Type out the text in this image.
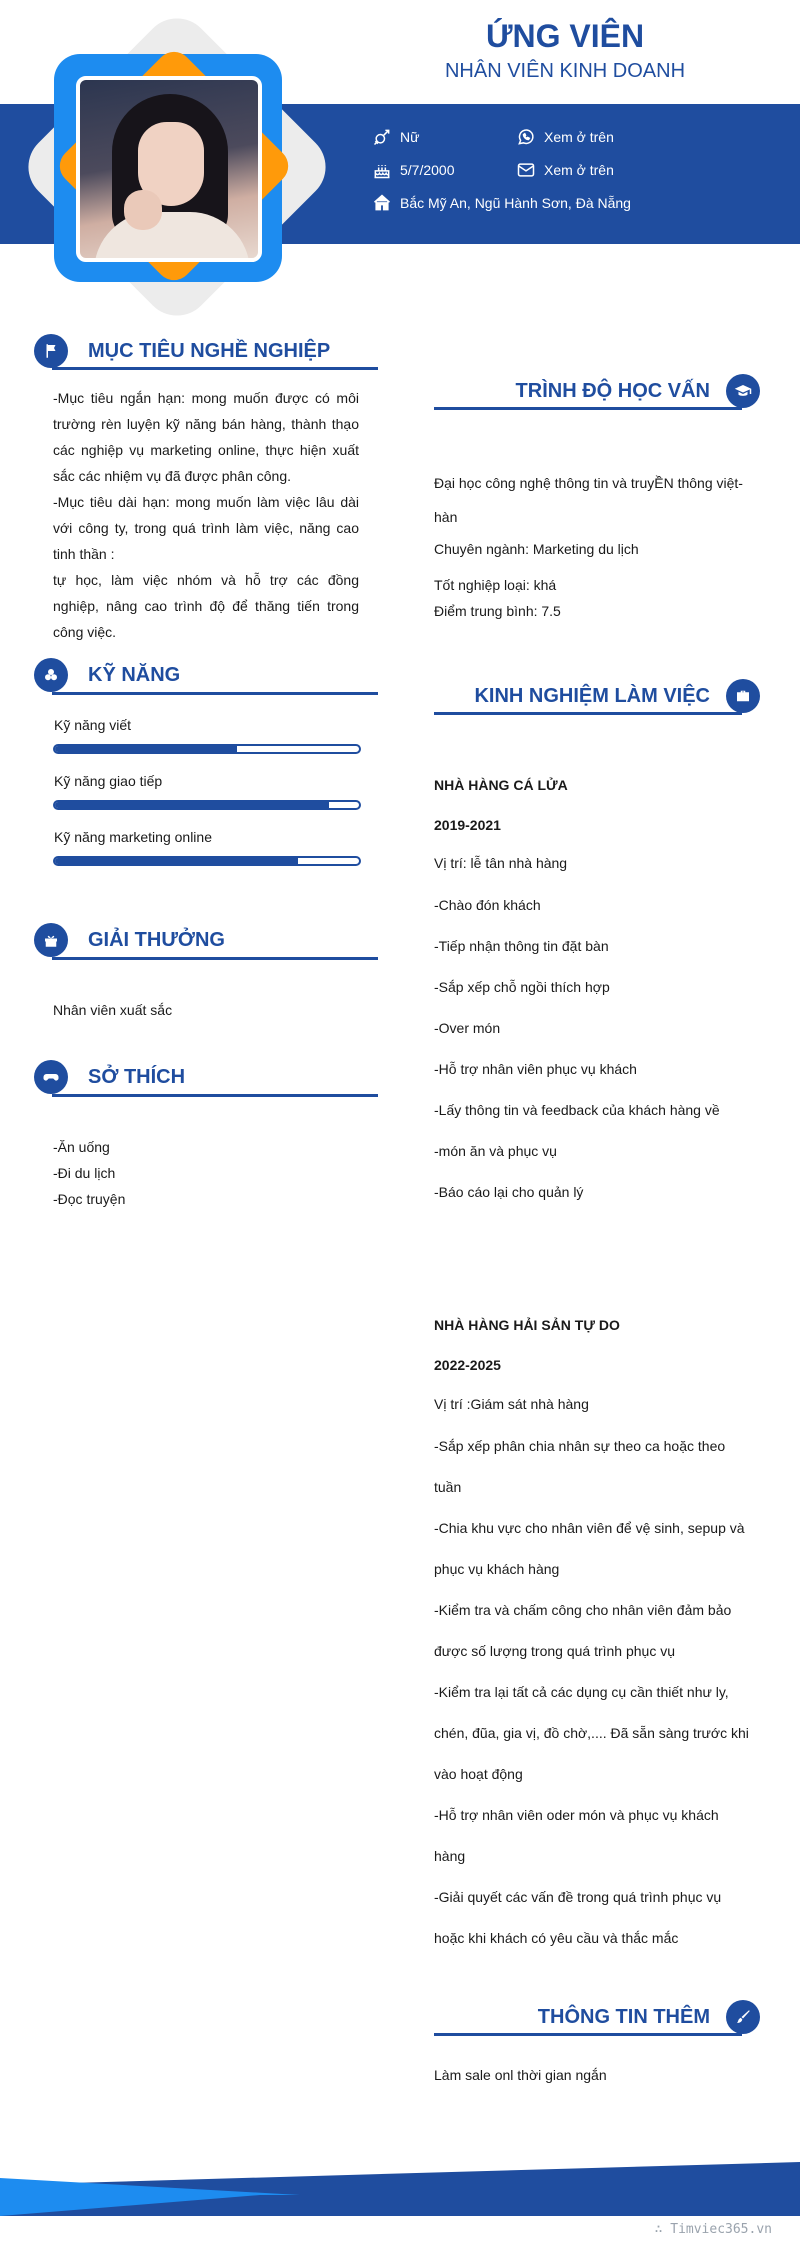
ỨNG VIÊN
NHÂN VIÊN KINH DOANH
Nữ
5/7/2000
Bắc Mỹ An, Ngũ Hành Sơn, Đà Nẵng
Xem ở trên
Xem ở trên
MỤC TIÊU NGHỀ NGHIỆP

-Mục tiêu ngắn hạn: mong muốn được có môi trường rèn luyện kỹ năng bán hàng, thành thạo các nghiệp vụ marketing online, thực hiện xuất sắc các nhiệm vụ đã được phân công.

-Mục tiêu dài hạn: mong muốn làm việc lâu dài với công ty, trong quá trình làm việc, năng cao tinh thần :

tự học, làm việc nhóm và hỗ trợ các đồng nghiệp, nâng cao trình độ để thăng tiến trong công việc.

KỸ NĂNG
Kỹ năng viết
Kỹ năng giao tiếp
Kỹ năng marketing online
GIẢI THƯỞNG
Nhân viên xuất sắc
SỞ THÍCH

-Ăn uống

-Đi du lịch

-Đọc truyện

TRÌNH ĐỘ HỌC VẤN
Đại học công nghệ thông tin và truyỀN thông việt-hàn
Chuyên ngành: Marketing du lịch
Tốt nghiệp loại: khá
Điểm trung bình: 7.5
KINH NGHIỆM LÀM VIỆC
NHÀ HÀNG CÁ LỬA
2019-2021
Vị trí: lễ tân nhà hàng

-Chào đón khách

-Tiếp nhận thông tin đặt bàn

-Sắp xếp chỗ ngồi thích hợp

-Over món

-Hỗ trợ nhân viên phục vụ khách

-Lấy thông tin và feedback của khách hàng về

-món ăn và phục vụ

-Báo cáo lại cho quản lý

NHÀ HÀNG HẢI SẢN TỰ DO
2022-2025
Vị trí :Giám sát nhà hàng

-Sắp xếp phân chia nhân sự theo ca hoặc theo

tuần

-Chia khu vực cho nhân viên để vệ sinh, sepup và

phục vụ khách hàng

-Kiểm tra và chấm công cho nhân viên đảm bảo

được số lượng trong quá trình phục vụ

-Kiểm tra lại tất cả các dụng cụ cần thiết như ly,

chén, đũa, gia vị, đồ chờ,.... Đã sẵn sàng trước khi

vào hoạt động

-Hỗ trợ nhân viên oder món và phục vụ khách

hàng

-Giải quyết các vấn đề trong quá trình phục vụ

hoặc khi khách có yêu cầu và thắc mắc

THÔNG TIN THÊM
Làm sale onl thời gian ngắn
∴ Timviec365.vn
